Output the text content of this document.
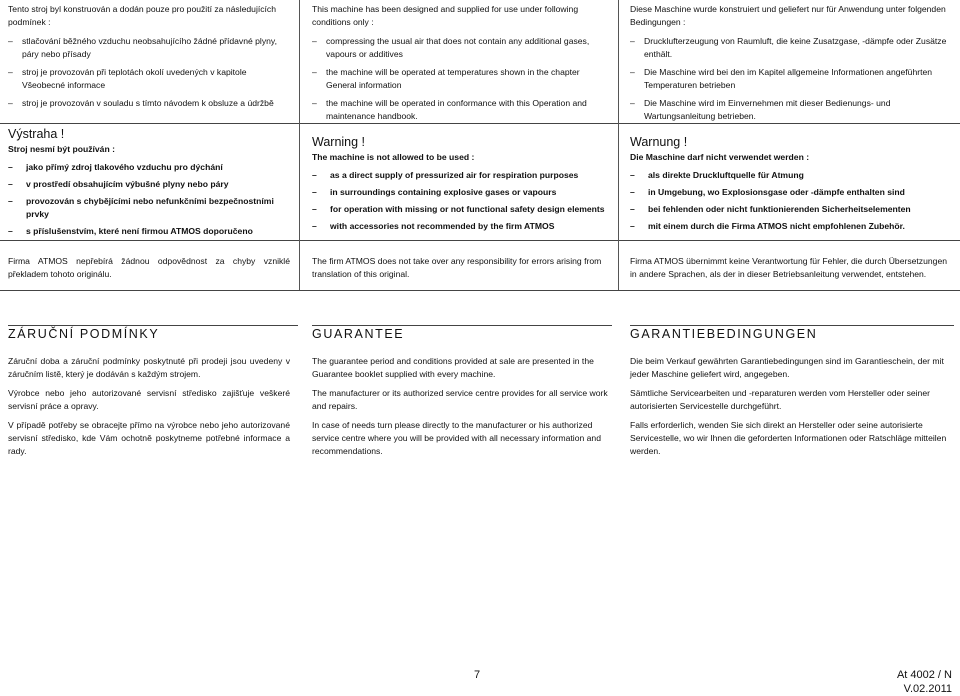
Tento stroj byl konstruován a dodán pouze pro použití za následujících podmínek :

– stlačování běžného vzduchu neobsahujícího žádné přídavné plyny, páry nebo přísady
– stroj je provozován při teplotách okolí uvedených v kapitole Všeobecné informace
– stroj je provozován v souladu s tímto návodem k obsluze a údržbě
Výstraha !

Stroj nesmí být používán :

– jako přímý zdroj tlakového vzduchu pro dýchání
– v prostředí obsahujícím výbušné plyny nebo páry
– provozován s chybějícími nebo nefunkčními bezpečnostními prvky
– s příslušenstvím, které není firmou ATMOS doporučeno

Firma ATMOS nepřebírá žádnou odpovědnost za chyby vzniklé překladem tohoto originálu.

ZÁRUČNÍ PODMÍNKY

Záruční doba a záruční podmínky poskytnuté při prodeji jsou uvedeny v záručním listě, který je dodáván s každým strojem.

Výrobce nebo jeho autorizované servisní středisko zajišťuje veškeré servisní práce a opravy.

V případě potřeby se obracejte přímo na výrobce nebo jeho autorizované servisní středisko, kde Vám ochotně poskytneme potřebné informace a rady.

This machine has been designed and supplied for use under following conditions only :

– compressing the usual air that does not contain any additional gases, vapours or additives
– the machine will be operated at temperatures shown in the chapter General information
– the machine will be operated in conformance with this Operation and maintenance handbook.
Warning !

The machine is not allowed to be used :

– as a direct supply of pressurized air for respiration purposes
– in surroundings containing explosive gases or vapours
– for operation with missing or not functional safety design elements
– with accessories not recommended by the firm ATMOS

The firm ATMOS does not take over any responsibility for errors arising from translation of this original.

GUARANTEE

The guarantee period and conditions provided at sale are presented in the Guarantee booklet supplied with every machine.

The manufacturer or its authorized service centre provides for all service work and repairs.

In case of needs turn please directly to the manufacturer or his authorized service centre where you will be provided with all necessary information and recommendations.

Diese Maschine wurde konstruiert und geliefert nur für Anwendung unter folgenden Bedingungen :

– Drucklufterzeugung von Raumluft, die keine Zusatzgase, -dämpfe oder Zusätze enthält.
– Die Maschine wird bei den im Kapitel allgemeine Informationen angeführten Temperaturen betrieben
– Die Maschine wird im Einvernehmen mit dieser Bedienungs- und Wartungsanleitung betrieben.
Warnung !

Die Maschine darf nicht verwendet werden :

– als direkte Druckluftquelle für Atmung
– in Umgebung, wo Explosionsgase oder -dämpfe enthalten sind
– bei fehlenden oder nicht funktionierenden Sicherheitselementen
– mit einem durch die Firma ATMOS nicht empfohlenen Zubehör.

Firma ATMOS übernimmt keine Verantwortung für Fehler, die durch Übersetzungen in andere Sprachen, als der in dieser Betriebsanleitung verwendet, entstehen.

GARANTIEBEDINGUNGEN

Die beim Verkauf gewährten Garantiebedingungen sind im Garantieschein, der mit jeder Maschine geliefert wird, angegeben.

Sämtliche Servicearbeiten und -reparaturen werden vom Hersteller oder seiner autorisierten Servicestelle durchgeführt.

Falls erforderlich, wenden Sie sich direkt an Hersteller oder seine autorisierte Servicestelle, wo wir Ihnen die geforderten Informationen oder Ratschläge mitteilen werden.

7	At 4002 / N
V.02.2011
